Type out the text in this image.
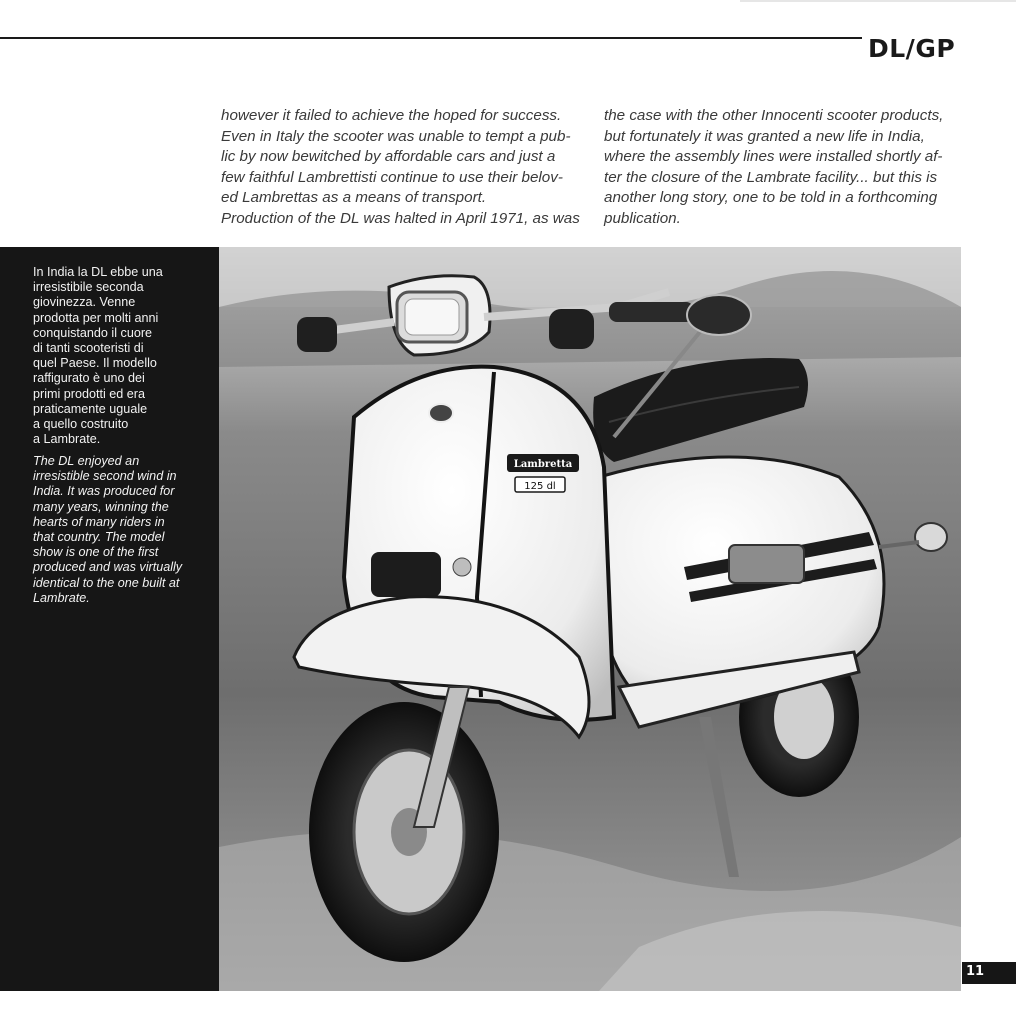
DL/GP

however it failed to achieve the hoped for success.

Even in Italy the scooter was unable to tempt a pub-

lic by now bewitched by affordable cars and just a

few faithful Lambrettisti continue to use their belov-

ed Lambrettas as a means of transport.

Production of the DL was halted in April 1971, as was

the case with the other Innocenti scooter products,

but fortunately it was granted a new life in India,

where the assembly lines were installed shortly af-

ter the closure of the Lambrate facility... but this is

another long story, one to be told in a forthcoming

publication.

In India la DL ebbe una
irresistibile seconda
giovinezza. Venne
prodotta per molti anni
conquistando il cuore
di tanti scooteristi di
quel Paese. Il modello
raffigurato è uno dei
primi prodotti ed era
praticamente uguale
a quello costruito
a Lambrate.
The DL enjoyed an
irresistible second wind in
India. It was produced for
many years, winning the
hearts of many riders in
that country. The model
show is one of the first
produced and was virtually
identical to the one built at
Lambrate.
Lambretta
125 dl
11
